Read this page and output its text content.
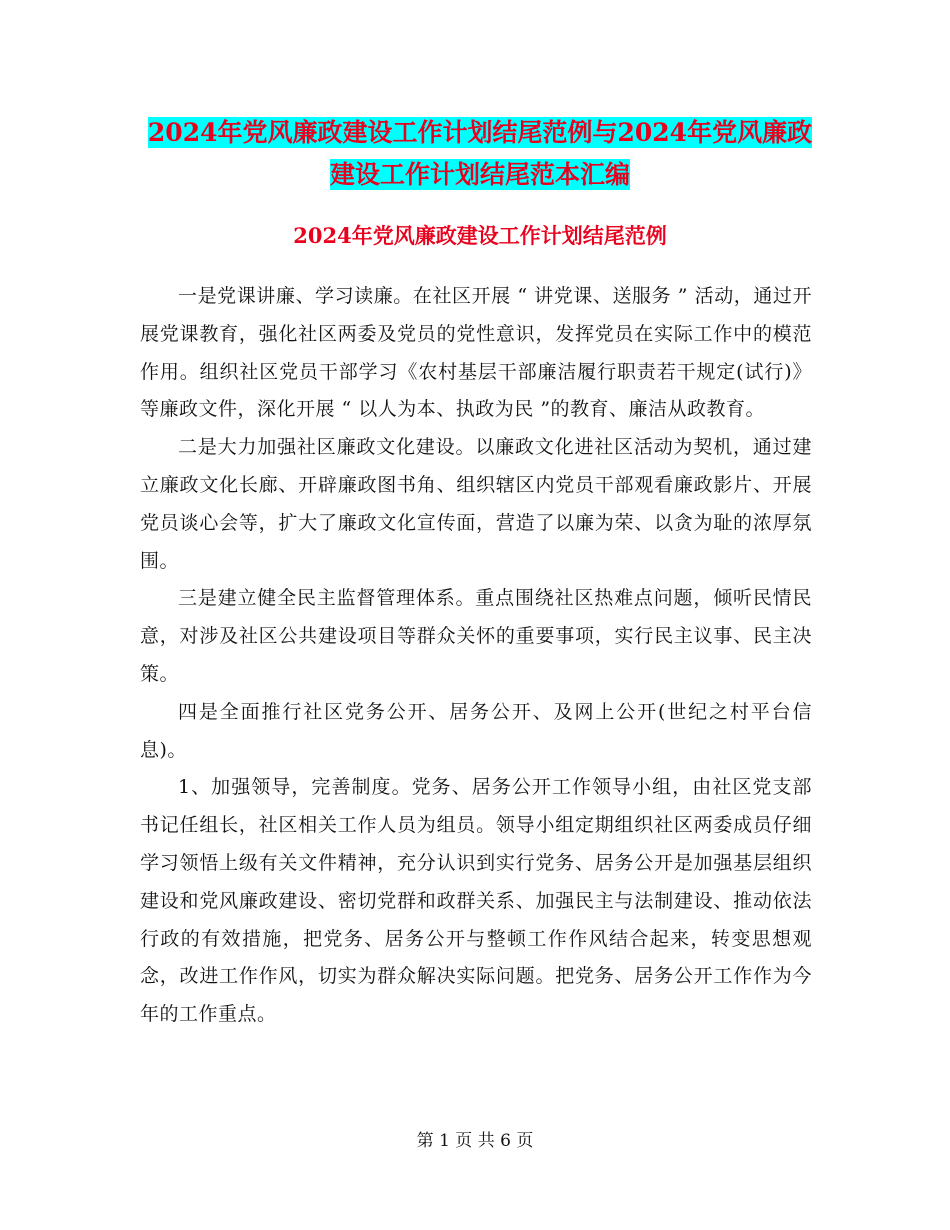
2024年党风廉政建设工作计划结尾范例与2024年党风廉政建设工作计划结尾范本汇编
2024年党风廉政建设工作计划结尾范例

一是党课讲廉、学习读廉。在社区开展 “ 讲党课、送服务 ” 活动，通过开展党课教育，强化社区两委及党员的党性意识，发挥党员在实际工作中的模范作用。组织社区党员干部学习《农村基层干部廉洁履行职责若干规定(试行)》等廉政文件，深化开展 “ 以人为本、执政为民 ”的教育、廉洁从政教育。

二是大力加强社区廉政文化建设。以廉政文化进社区活动为契机，通过建立廉政文化长廊、开辟廉政图书角、组织辖区内党员干部观看廉政影片、开展党员谈心会等，扩大了廉政文化宣传面，营造了以廉为荣、以贪为耻的浓厚氛围。

三是建立健全民主监督管理体系。重点围绕社区热难点问题，倾听民情民意，对涉及社区公共建设项目等群众关怀的重要事项，实行民主议事、民主决策。

四是全面推行社区党务公开、居务公开、及网上公开(世纪之村平台信息)。

1、加强领导，完善制度。党务、居务公开工作领导小组，由社区党支部书记任组长，社区相关工作人员为组员。领导小组定期组织社区两委成员仔细学习领悟上级有关文件精神，充分认识到实行党务、居务公开是加强基层组织建设和党风廉政建设、密切党群和政群关系、加强民主与法制建设、推动依法行政的有效措施，把党务、居务公开与整顿工作作风结合起来，转变思想观念，改进工作作风，切实为群众解决实际问题。把党务、居务公开工作作为今年的工作重点。

第 1 页 共 6 页
